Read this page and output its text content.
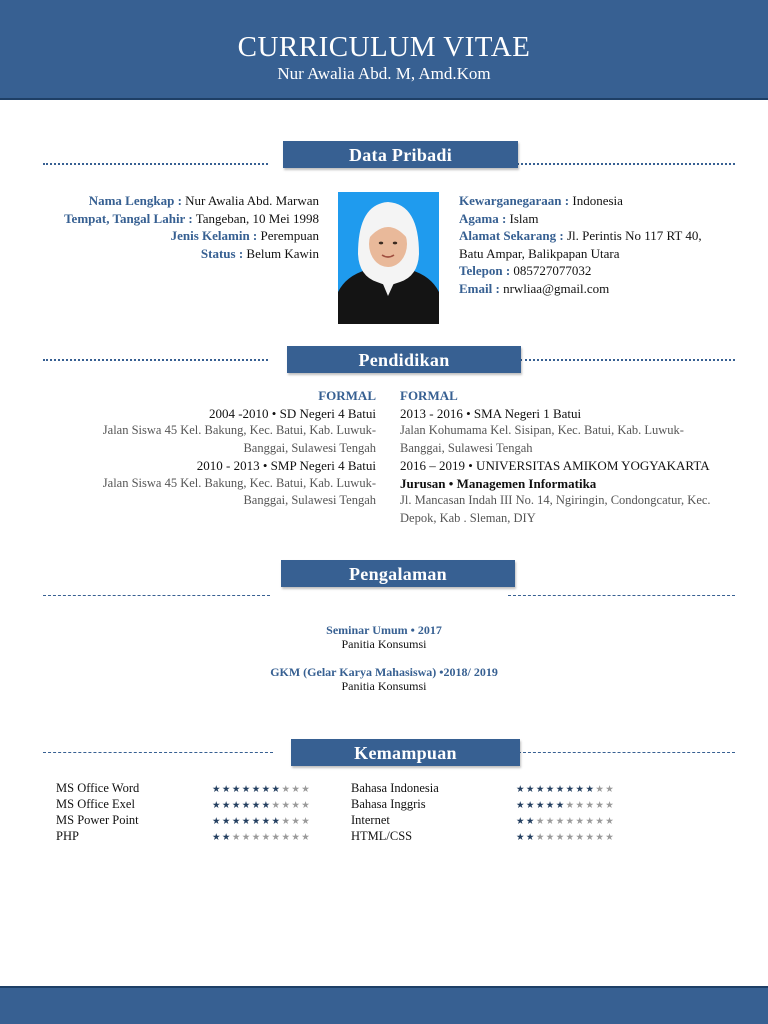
CURRICULUM VITAE
Nur Awalia Abd. M, Amd.Kom
Data Pribadi
Nama Lengkap : Nur Awalia Abd. Marwan
Tempat, Tangal Lahir : Tangeban, 10 Mei 1998
Jenis Kelamin : Perempuan
Status : Belum Kawin
Kewarganegaraan : Indonesia
Agama : Islam
Alamat Sekarang : Jl. Perintis No 117 RT 40, Batu Ampar, Balikpapan Utara
Telepon : 085727077032
Email : nrwliaa@gmail.com
Pendidikan
FORMAL
2004 -2010 • SD Negeri 4 Batui
Jalan Siswa 45 Kel. Bakung, Kec. Batui, Kab. Luwuk-Banggai, Sulawesi Tengah
2010 - 2013 • SMP Negeri 4 Batui
Jalan Siswa 45 Kel. Bakung, Kec. Batui, Kab. Luwuk-Banggai, Sulawesi Tengah
FORMAL
2013 - 2016 • SMA Negeri 1 Batui
Jalan Kohumama Kel. Sisipan, Kec. Batui, Kab. Luwuk-Banggai, Sulawesi Tengah
2016 – 2019 • UNIVERSITAS AMIKOM YOGYAKARTA
Jurusan • Managemen Informatika
Jl. Mancasan Indah III No. 14, Ngiringin, Condongcatur, Kec. Depok, Kab . Sleman, DIY
Pengalaman
Seminar Umum • 2017
Panitia Konsumsi
GKM (Gelar Karya Mahasiswa) •2018/ 2019
Panitia Konsumsi
Kemampuan
MS Office Word	★★★★★★★★★★
MS Office Exel	★★★★★★★★★★
MS Power Point	★★★★★★★★★★
PHP	★★★★★★★★★★
Bahasa Indonesia	★★★★★★★★★★
Bahasa Inggris	★★★★★★★★★★
Internet	★★★★★★★★★★
HTML/CSS	★★★★★★★★★★
